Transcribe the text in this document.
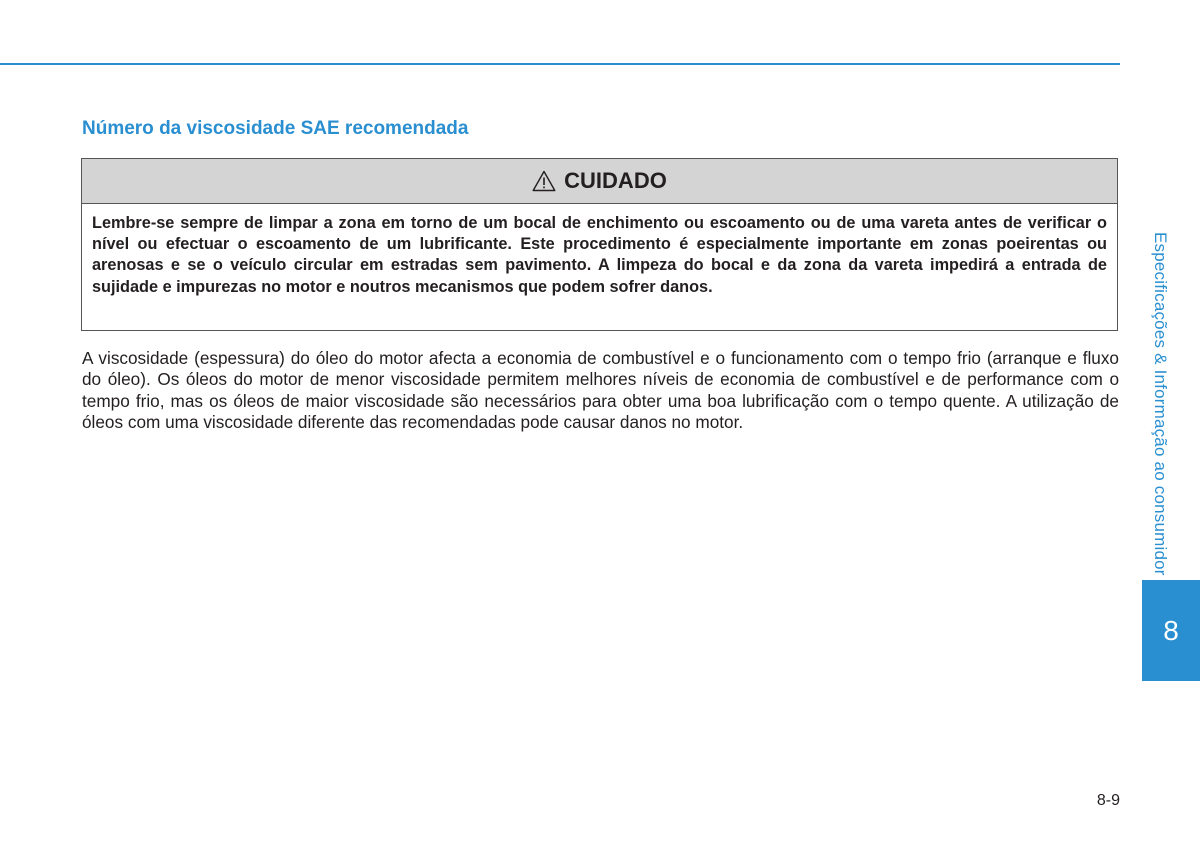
Número da viscosidade SAE recomendada
CUIDADO
Lembre-se sempre de limpar a zona em torno de um bocal de enchimento ou escoamento ou de uma vareta antes de verificar o nível ou efectuar o escoamento de um lubrificante. Este procedimento é especialmente importante em zonas poeirentas ou arenosas e se o veículo circular em estradas sem pavimento. A limpeza do bocal e da zona da vareta impedirá a entrada de sujidade e impurezas no motor e noutros mecanismos que podem sofrer danos.

A viscosidade (espessura) do óleo do motor afecta a economia de combustível e o funcionamento com o tempo frio (arranque e fluxo do óleo). Os óleos do motor de menor viscosidade permitem melhores níveis de economia de combustível e de performance com o tempo frio, mas os óleos de maior viscosidade são necessários para obter uma boa lubrificação com o tempo quente. A utilização de óleos com uma viscosidade diferente das recomendadas pode causar danos no motor.	Especificações & Informação ao consumidor
8
8-9
